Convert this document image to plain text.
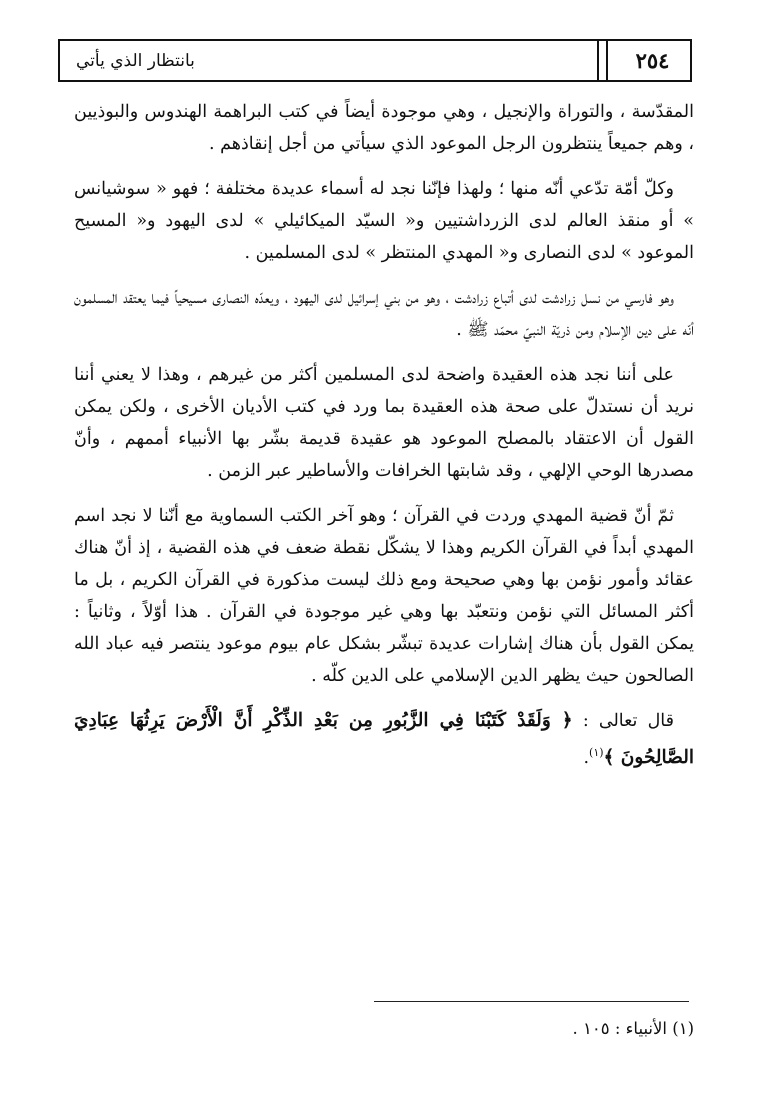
بانتظار الذي يأتي	٢٥٤

المقدّسة ، والتوراة والإنجيل ، وهي موجودة أيضاً في كتب البراهمة الهندوس والبوذيين ، وهم جميعاً ينتظرون الرجل الموعود الذي سيأتي من أجل إنقاذهم .

وكلّ أمّة تدّعي أنّه منها ؛ ولهذا فإنّنا نجد له أسماء عديدة مختلفة ؛ فهو « سوشيانس » أو منقذ العالم لدى الزرداشتيين و« السيّد الميكائيلي » لدى اليهود و« المسيح الموعود » لدى النصارى و« المهدي المنتظر » لدى المسلمين .

وهو فارسي من نسل زرادشت لدى أتباع زرادشت ، وهو من بني إسرائيل لدى اليهود ، ويعدّه النصارى مسيحياً فيما يعتقد المسلمون أنّه على دين الإسلام ومن ذريّة النبيّ محمّد ﷺ .

على أننا نجد هذه العقيدة واضحة لدى المسلمين أكثر من غيرهم ، وهذا لا يعني أننا نريد أن نستدلّ على صحة هذه العقيدة بما ورد في كتب الأديان الأخرى ، ولكن يمكن القول أن الاعتقاد بالمصلح الموعود هو عقيدة قديمة بشّر بها الأنبياء أممهم ، وأنّ مصدرها الوحي الإلهي ، وقد شابتها الخرافات والأساطير عبر الزمن .

ثمّ أنّ قضية المهدي وردت في القرآن ؛ وهو آخر الكتب السماوية مع أنّنا لا نجد اسم المهدي أبداً في القرآن الكريم وهذا لا يشكّل نقطة ضعف في هذه القضية ، إذ أنّ هناك عقائد وأمور نؤمن بها وهي صحيحة ومع ذلك ليست مذكورة في القرآن الكريم ، بل ما أكثر المسائل التي نؤمن ونتعبّد بها وهي غير موجودة في القرآن . هذا أوّلاً ، وثانياً : يمكن القول بأن هناك إشارات عديدة تبشّر بشكل عام بيوم موعود ينتصر فيه عباد الله الصالحون حيث يظهر الدين الإسلامي على الدين كلّه .

قال تعالى : ﴿ وَلَقَدْ كَتَبْنَا فِي الزَّبُورِ مِن بَعْدِ الذِّكْرِ أَنَّ الْأَرْضَ يَرِثُهَا عِبَادِيَ الصَّالِحُونَ ﴾$^{(١)}$.

(١) الأنبياء : ١٠٥ .
